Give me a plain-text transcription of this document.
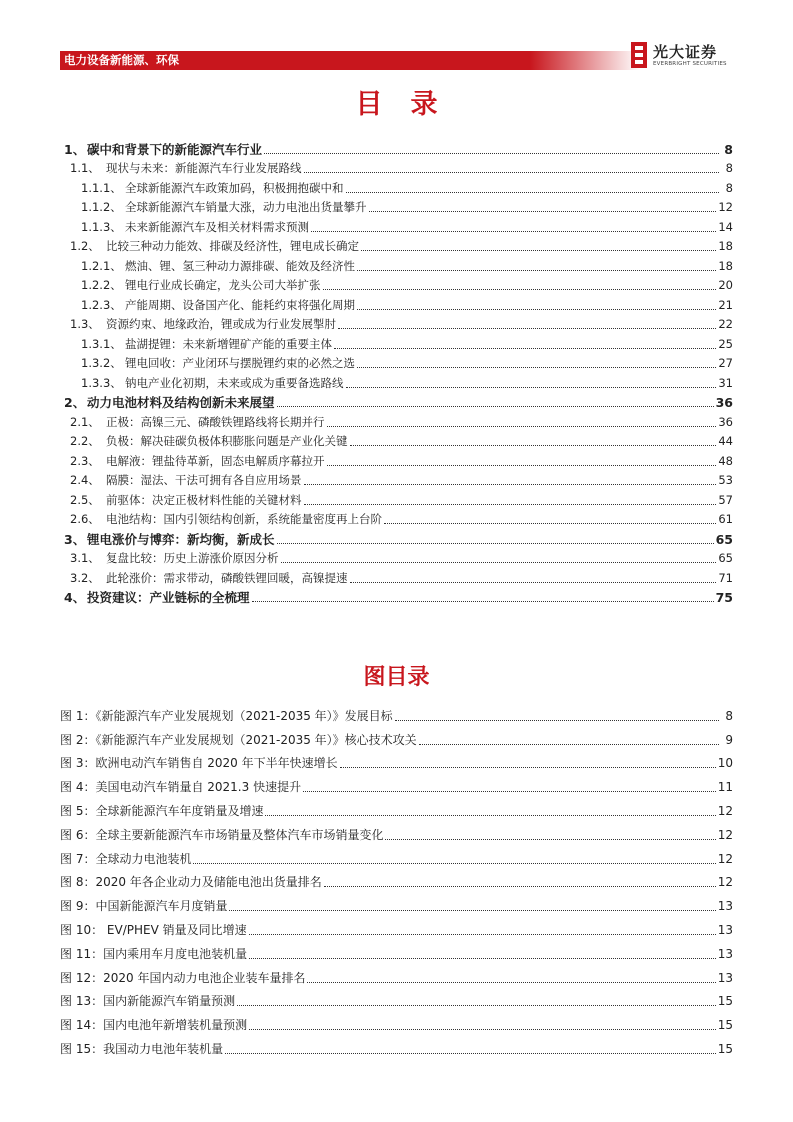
电力设备新能源、环保	光大证券
EVERBRIGHT SECURITIES
目录
1、 碳中和背景下的新能源汽车行业	8
1.1、 现状与未来：新能源汽车行业发展路线	8
1.1.1、 全球新能源汽车政策加码，积极拥抱碳中和	8
1.1.2、 全球新能源汽车销量大涨，动力电池出货量攀升	12
1.1.3、 未来新能源汽车及相关材料需求预测	14
1.2、 比较三种动力能效、排碳及经济性，锂电成长确定	18
1.2.1、 燃油、锂、氢三种动力源排碳、能效及经济性	18
1.2.2、 锂电行业成长确定，龙头公司大举扩张	20
1.2.3、 产能周期、设备国产化、能耗约束将强化周期	21
1.3、 资源约束、地缘政治，锂或成为行业发展掣肘	22
1.3.1、 盐湖提锂：未来新增锂矿产能的重要主体	25
1.3.2、 锂电回收：产业闭环与摆脱锂约束的必然之选	27
1.3.3、 钠电产业化初期，未来或成为重要备选路线	31
2、 动力电池材料及结构创新未来展望	36
2.1、 正极：高镍三元、磷酸铁锂路线将长期并行	36
2.2、 负极：解决硅碳负极体积膨胀问题是产业化关键	44
2.3、 电解液：锂盐待革新，固态电解质序幕拉开	48
2.4、 隔膜：湿法、干法可拥有各自应用场景	53
2.5、 前驱体：决定正极材料性能的关键材料	57
2.6、 电池结构：国内引领结构创新，系统能量密度再上台阶	61
3、 锂电涨价与博弈：新均衡，新成长	65
3.1、 复盘比较：历史上游涨价原因分析	65
3.2、 此轮涨价：需求带动，磷酸铁锂回暖，高镍提速	71
4、 投资建议：产业链标的全梳理	75
图目录
图 1：《新能源汽车产业发展规划（2021-2035 年）》发展目标	8
图 2：《新能源汽车产业发展规划（2021-2035 年）》核心技术攻关	9
图 3：欧洲电动汽车销售自 2020 年下半年快速增长	10
图 4：美国电动汽车销量自 2021.3 快速提升	11
图 5：全球新能源汽车年度销量及增速	12
图 6：全球主要新能源汽车市场销量及整体汽车市场销量变化	12
图 7：全球动力电池装机	12
图 8：2020 年各企业动力及储能电池出货量排名	12
图 9：中国新能源汽车月度销量	13
图 10： EV/PHEV 销量及同比增速	13
图 11：国内乘用车月度电池装机量	13
图 12：2020 年国内动力电池企业装车量排名	13
图 13：国内新能源汽车销量预测	15
图 14：国内电池年新增装机量预测	15
图 15：我国动力电池年装机量	15
